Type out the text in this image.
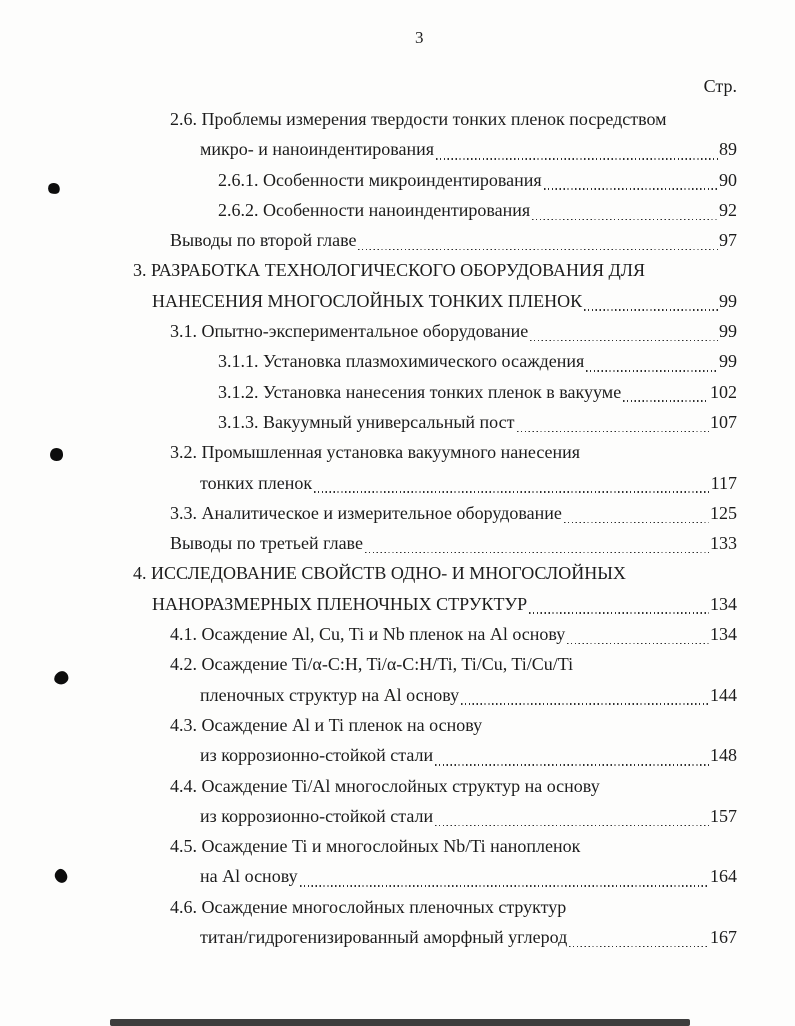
3
Стр.
2.6. Проблемы измерения твердости тонких пленок посредством
микро- и наноиндентирования	89
2.6.1. Особенности микроиндентирования	90
2.6.2. Особенности наноиндентирования	92
Выводы по второй главе	97
3. РАЗРАБОТКА ТЕХНОЛОГИЧЕСКОГО ОБОРУДОВАНИЯ ДЛЯ
НАНЕСЕНИЯ МНОГОСЛОЙНЫХ ТОНКИХ ПЛЕНОК	99
3.1. Опытно-экспериментальное оборудование	99
3.1.1. Установка плазмохимического осаждения	99
3.1.2. Установка нанесения тонких пленок в вакууме	102
3.1.3. Вакуумный универсальный пост	107
3.2. Промышленная установка вакуумного нанесения
тонких пленок	117
3.3. Аналитическое и измерительное оборудование	125
Выводы по третьей главе	133
4. ИССЛЕДОВАНИЕ СВОЙСТВ ОДНО- И МНОГОСЛОЙНЫХ
НАНОРАЗМЕРНЫХ ПЛЕНОЧНЫХ СТРУКТУР	134
4.1. Осаждение Al, Cu, Ti и Nb пленок на Al основу	134
4.2. Осаждение Ti/α-C:H, Ti/α-C:H/Ti, Ti/Cu, Ti/Cu/Ti
пленочных структур на Al основу	144
4.3. Осаждение Al и Ti пленок на основу
из коррозионно-стойкой стали	148
4.4. Осаждение Ti/Al многослойных структур на основу
из коррозионно-стойкой стали	157
4.5. Осаждение Ti и многослойных Nb/Ti нанопленок
на Al основу	164
4.6. Осаждение многослойных пленочных структур
титан/гидрогенизированный аморфный углерод	167
